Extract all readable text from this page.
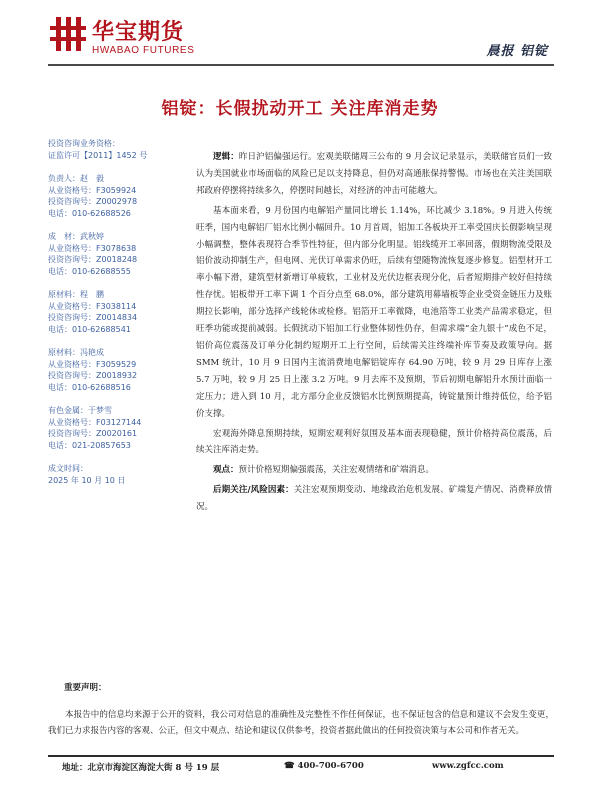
华宝期货
HWABAO FUTURES	晨报 铝锭
铝锭：长假扰动开工 关注库消走势
投资咨询业务资格：
证监许可【2011】1452 号
负责人：赵　毅
从业资格号：F3059924
投资咨询号：Z0002978
电话：010-62688526
成　材：武秋婷
从业资格号：F3078638
投资咨询号：Z0018248
电话：010-62688555
原材料：程　鹏
从业资格号：F3038114
投资咨询号：Z0014834
电话：010-62688541
原材料：冯艳成
从业资格号：F3059529
投资咨询号：Z0018932
电话：010-62688516
有色金属：于梦雪
从业资格号：F03127144
投资咨询号：Z0020161
电话：021-20857653
成文时间：
2025 年 10 月 10 日

逻辑：昨日沪铝偏强运行。宏观美联储周三公布的 9 月会议记录显示，美联储官员们一致认为美国就业市场面临的风险已足以支持降息，但仍对高通胀保持警惕。市场也在关注美国联邦政府停摆将持续多久，停摆时间越长，对经济的冲击可能越大。

基本面来看，9 月份国内电解铝产量同比增长 1.14%，环比减少 3.18%。9 月进入传统旺季，国内电解铝厂铝水比例小幅回升。10 月首周，铝加工各板块开工率受国庆长假影响呈现小幅调整，整体表现符合季节性特征，但内部分化明显。铝线缆开工率回落，假期物流受限及铝价波动抑制生产，但电网、光伏订单需求仍旺，后续有望随物流恢复逐步修复。铝型材开工率小幅下滑，建筑型材新增订单疲软，工业材及光伏边框表现分化，后者短期排产较好但持续性存忧。铝板带开工率下调 1 个百分点至 68.0%，部分建筑用幕墙板等企业受资金链压力及账期拉长影响，部分选择产线轮休或检修。铝箔开工率微降，电池箔等工业类产品需求稳定，但旺季功能或提前减弱。长假扰动下铝加工行业整体韧性仍存，但需求端“金九银十”成色不足，铝价高位震荡及订单分化制约短期开工上行空间，后续需关注终端补库节奏及政策导向。据 SMM 统计，10 月 9 日国内主流消费地电解铝锭库存 64.90 万吨，较 9 月 29 日库存上涨 5.7 万吨，较 9 月 25 日上涨 3.2 万吨。9 月去库不及预期，节后初期电解铝升水预计面临一定压力；进入到 10 月，北方部分企业反馈铝水比例预期提高，铸锭量预计维持低位，给予铝价支撑。

宏观海外降息预期持续，短期宏观利好氛围及基本面表现稳健，预计价格持高位震荡，后续关注库消走势。

观点：预计价格短期偏强震荡，关注宏观情绪和矿端消息。

后期关注/风险因素：关注宏观预期变动、地缘政治危机发展、矿端复产情况、消费释放情况。

重要声明：

本报告中的信息均来源于公开的资料，我公司对信息的准确性及完整性不作任何保证，也不保证包含的信息和建议不会发生变更，我们已力求报告内容的客观、公正，但文中观点、结论和建议仅供参考，投资者据此做出的任何投资决策与本公司和作者无关。

地址：北京市海淀区海淀大街 8 号 19 层	☎ 400-700-6700	www.zgfcc.com
